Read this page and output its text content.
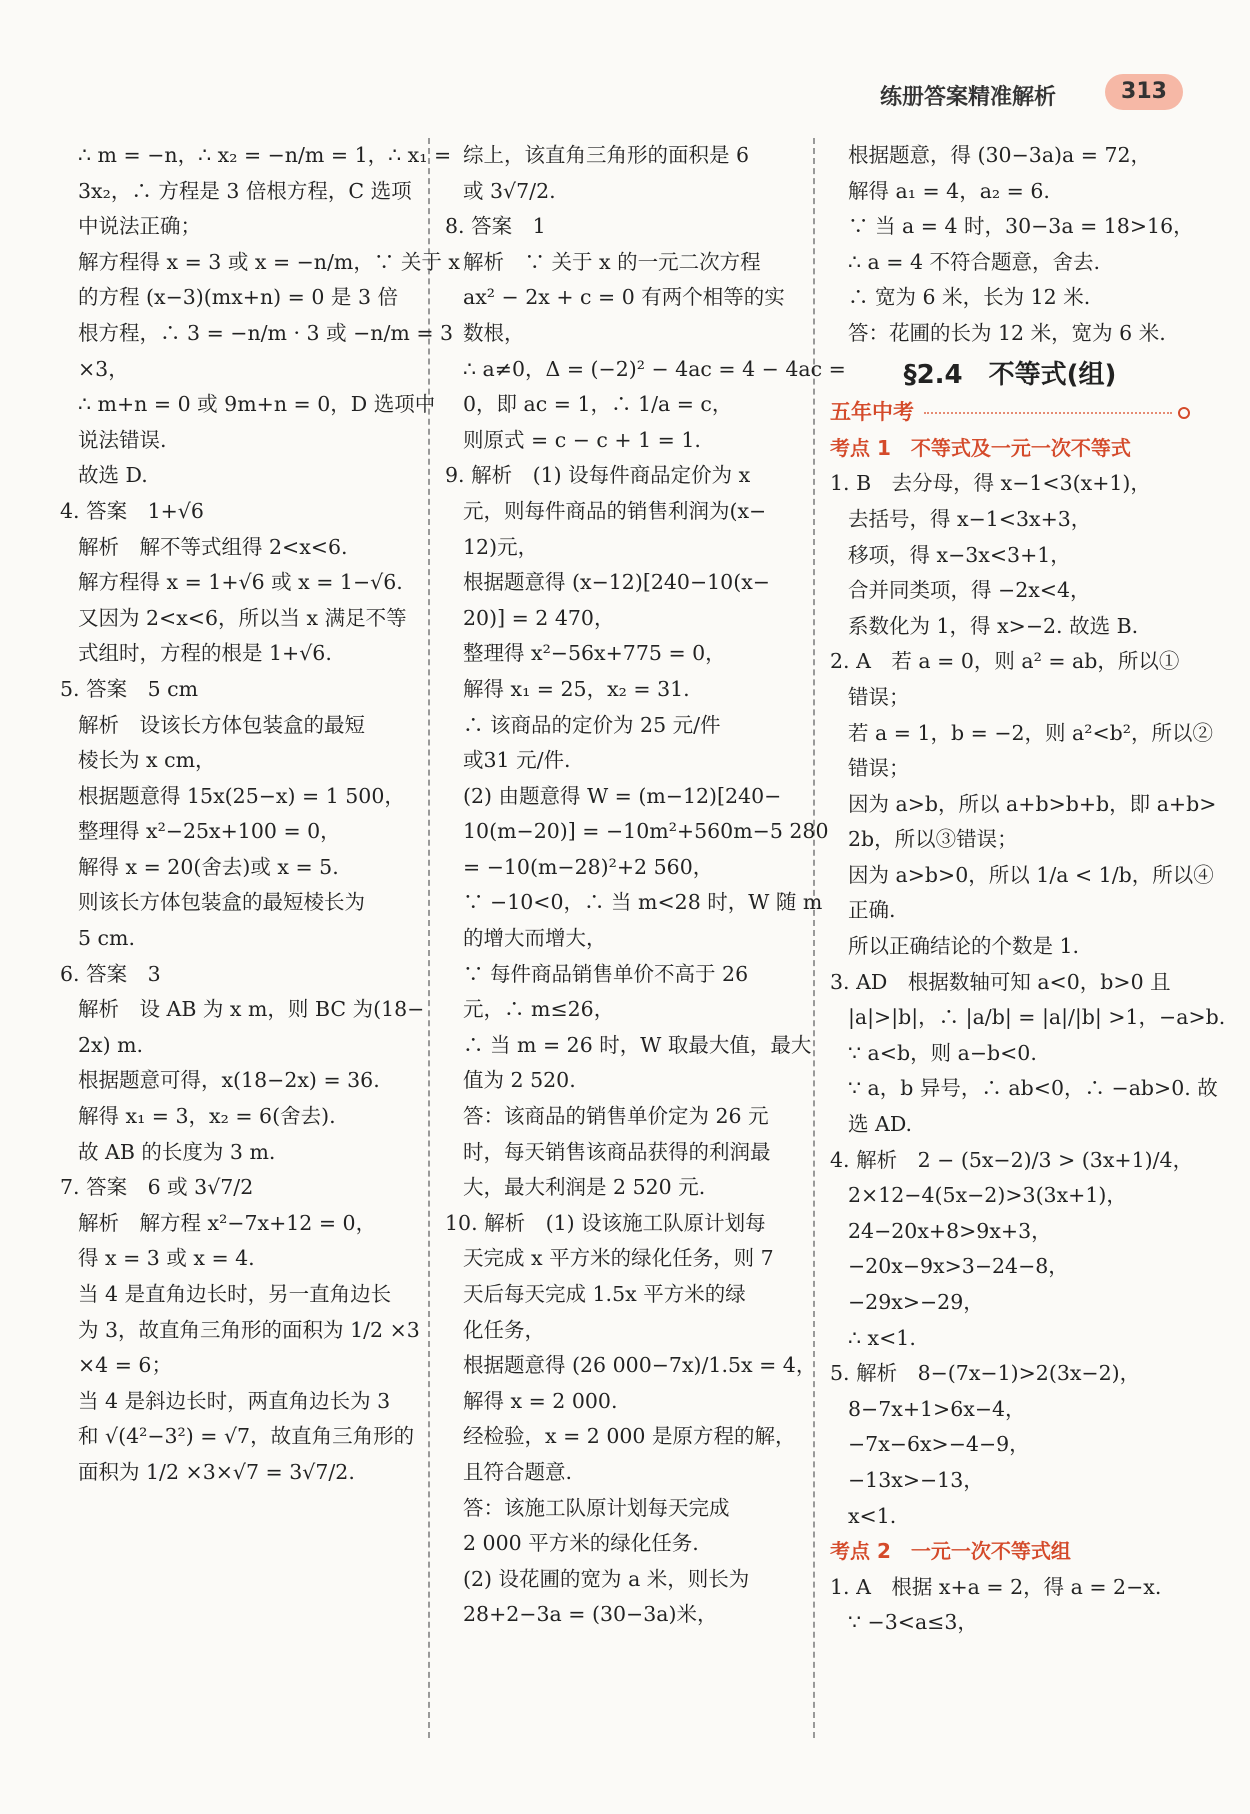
练册答案精准解析	313

∴ m = −n，∴ x₂ = −n/m = 1，∴ x₁ =

3x₂，∴ 方程是 3 倍根方程，C 选项

中说法正确；

解方程得 x = 3 或 x = −n/m，∵ 关于 x

的方程 (x−3)(mx+n) = 0 是 3 倍

根方程，∴ 3 = −n/m · 3 或 −n/m = 3

×3，

∴ m+n = 0 或 9m+n = 0，D 选项中

说法错误.

故选 D.

4. 答案　1+√6

解析　解不等式组得 2<x<6.

解方程得 x = 1+√6 或 x = 1−√6.

又因为 2<x<6，所以当 x 满足不等

式组时，方程的根是 1+√6.

5. 答案　5 cm

解析　设该长方体包装盒的最短

棱长为 x cm，

根据题意得 15x(25−x) = 1 500，

整理得 x²−25x+100 = 0，

解得 x = 20(舍去)或 x = 5.

则该长方体包装盒的最短棱长为

5 cm.

6. 答案　3

解析　设 AB 为 x m，则 BC 为(18−

2x) m.

根据题意可得，x(18−2x) = 36.

解得 x₁ = 3，x₂ = 6(舍去).

故 AB 的长度为 3 m.

7. 答案　6 或 3√7/2

解析　解方程 x²−7x+12 = 0，

得 x = 3 或 x = 4.

当 4 是直角边长时，另一直角边长

为 3，故直角三角形的面积为 1/2 ×3

×4 = 6；

当 4 是斜边长时，两直角边长为 3

和 √(4²−3²) = √7，故直角三角形的

面积为 1/2 ×3×√7 = 3√7/2.

综上，该直角三角形的面积是 6

或 3√7/2.

8. 答案　1

解析　∵ 关于 x 的一元二次方程

ax² − 2x + c = 0 有两个相等的实

数根，

∴ a≠0，Δ = (−2)² − 4ac = 4 − 4ac =

0，即 ac = 1，∴ 1/a = c，

则原式 = c − c + 1 = 1.

9. 解析　(1) 设每件商品定价为 x

元，则每件商品的销售利润为(x−

12)元，

根据题意得 (x−12)[240−10(x−

20)] = 2 470，

整理得 x²−56x+775 = 0，

解得 x₁ = 25，x₂ = 31.

∴ 该商品的定价为 25 元/件

或31 元/件.

(2) 由题意得 W = (m−12)[240−

10(m−20)] = −10m²+560m−5 280

= −10(m−28)²+2 560，

∵ −10<0，∴ 当 m<28 时，W 随 m

的增大而增大，

∵ 每件商品销售单价不高于 26

元，∴ m≤26，

∴ 当 m = 26 时，W 取最大值，最大

值为 2 520.

答：该商品的销售单价定为 26 元

时，每天销售该商品获得的利润最

大，最大利润是 2 520 元.

10. 解析　(1) 设该施工队原计划每

天完成 x 平方米的绿化任务，则 7

天后每天完成 1.5x 平方米的绿

化任务，

根据题意得 (26 000−7x)/1.5x = 4，

解得 x = 2 000.

经检验，x = 2 000 是原方程的解，

且符合题意.

答：该施工队原计划每天完成

2 000 平方米的绿化任务.

(2) 设花圃的宽为 a 米，则长为

28+2−3a = (30−3a)米，

根据题意，得 (30−3a)a = 72，

解得 a₁ = 4，a₂ = 6.

∵ 当 a = 4 时，30−3a = 18>16，

∴ a = 4 不符合题意，舍去.

∴ 宽为 6 米，长为 12 米.

答：花圃的长为 12 米，宽为 6 米.

§2.4　不等式(组)
五年中考
考点 1　不等式及一元一次不等式

1. B　去分母，得 x−1<3(x+1)，

去括号，得 x−1<3x+3，

移项，得 x−3x<3+1，

合并同类项，得 −2x<4，

系数化为 1，得 x>−2. 故选 B.

2. A　若 a = 0，则 a² = ab，所以①

错误；

若 a = 1，b = −2，则 a²<b²，所以②

错误；

因为 a>b，所以 a+b>b+b，即 a+b>

2b，所以③错误；

因为 a>b>0，所以 1/a < 1/b，所以④

正确.

所以正确结论的个数是 1.

3. AD　根据数轴可知 a<0，b>0 且

|a|>|b|，∴ |a/b| = |a|/|b| >1，−a>b.

∵ a<b，则 a−b<0.

∵ a，b 异号，∴ ab<0，∴ −ab>0. 故

选 AD.

4. 解析　2 − (5x−2)/3 > (3x+1)/4，

2×12−4(5x−2)>3(3x+1)，

24−20x+8>9x+3，

−20x−9x>3−24−8，

−29x>−29，

∴ x<1.

5. 解析　8−(7x−1)>2(3x−2)，

8−7x+1>6x−4，

−7x−6x>−4−9，

−13x>−13，

x<1.

考点 2　一元一次不等式组

1. A　根据 x+a = 2，得 a = 2−x.

∵ −3<a≤3，
